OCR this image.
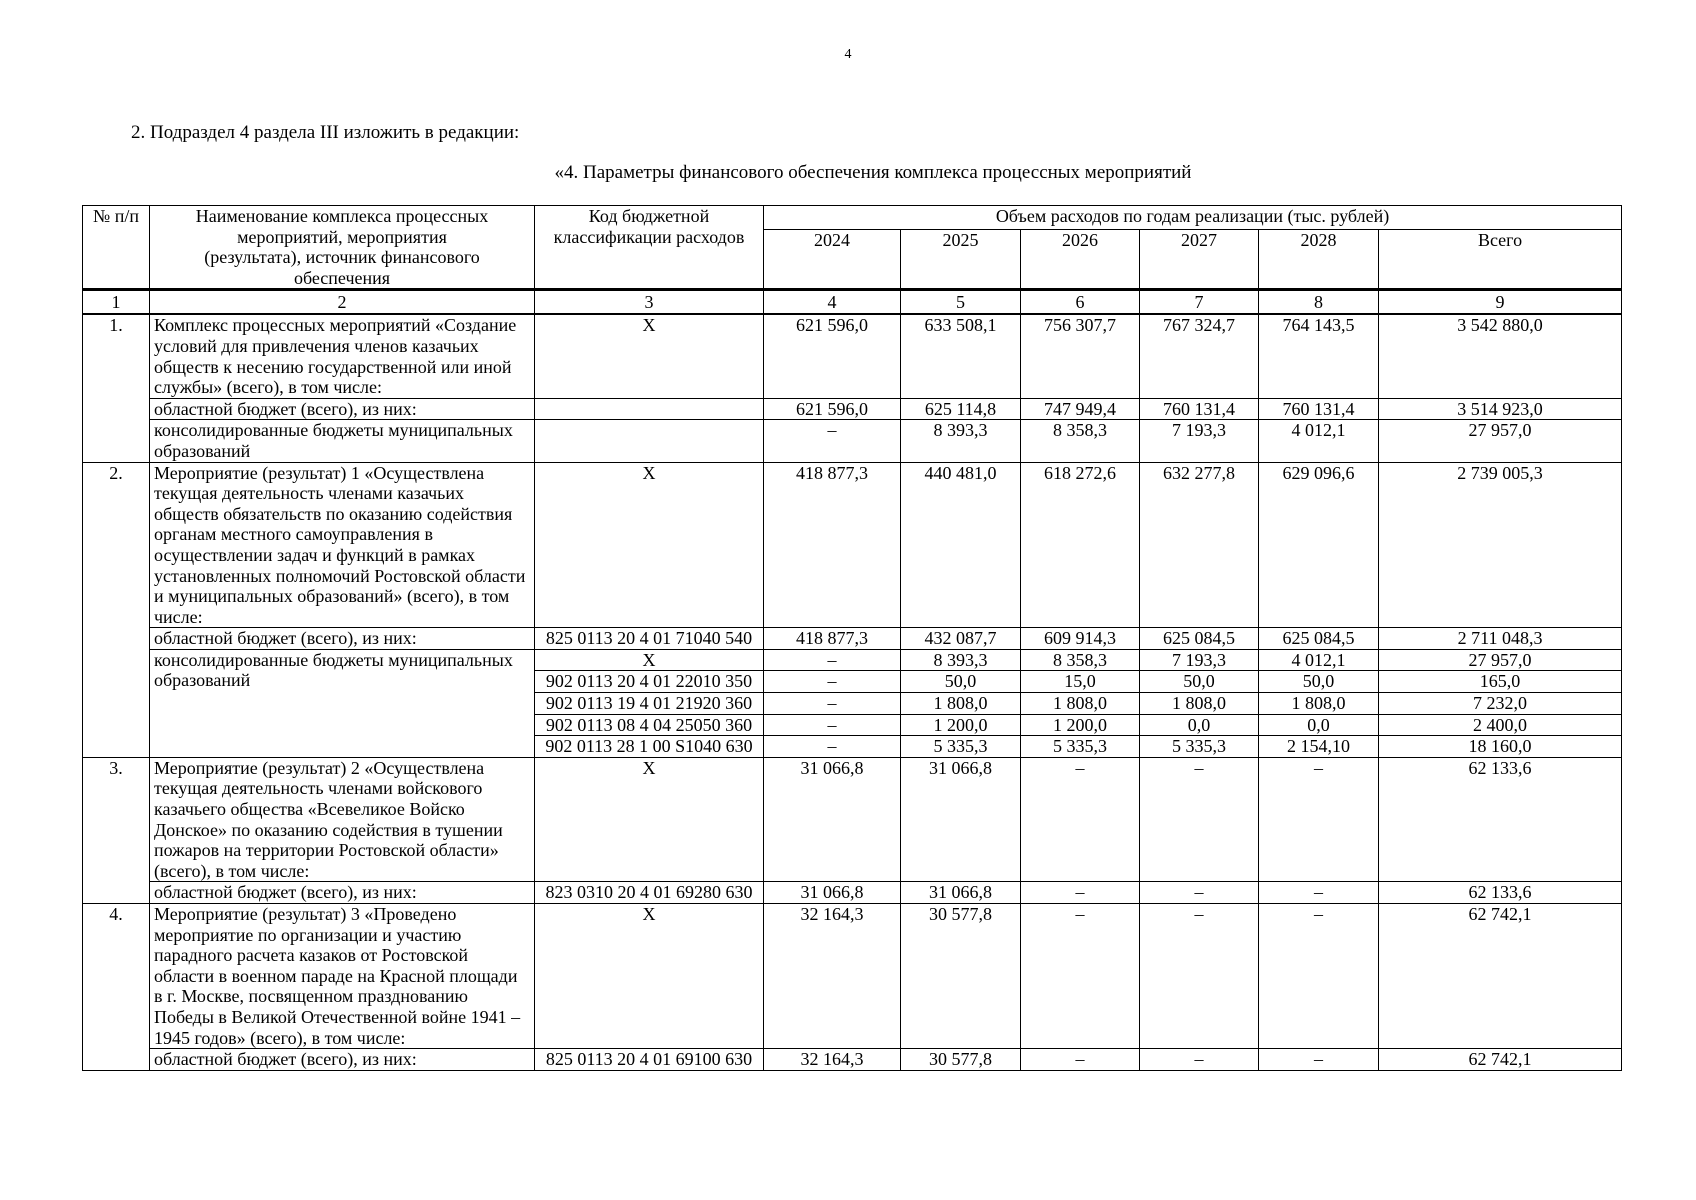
4
2. Подраздел 4 раздела III изложить в редакции:
«4. Параметры финансового обеспечения комплекса процессных мероприятий
№ п/п	Наименование комплекса процессных мероприятий, мероприятия (результата), источник финансового обеспечения	Код бюджетной классификации расходов	Объем расходов по годам реализации (тыс. рублей)					
			2024	2025	2026	2027	2028	Всего
1	2	3	4	5	6	7	8	9
1.	Комплекс процессных мероприятий «Создание условий для привлечения членов казачьих обществ к несению государственной или иной службы» (всего), в том числе:	X	621 596,0	633 508,1	756 307,7	767 324,7	764 143,5	3 542 880,0
	областной бюджет (всего), из них:		621 596,0	625 114,8	747 949,4	760 131,4	760 131,4	3 514 923,0
	консолидированные бюджеты муниципальных образований		–	8 393,3	8 358,3	7 193,3	4 012,1	27 957,0
2.	Мероприятие (результат) 1 «Осуществлена текущая деятельность членами казачьих обществ обязательств по оказанию содействия органам местного самоуправления в осуществлении задач и функций в рамках установленных полномочий Ростовской области и муниципальных образований» (всего), в том числе:	X	418 877,3	440 481,0	618 272,6	632 277,8	629 096,6	2 739 005,3
	областной бюджет (всего), из них:	825 0113 20 4 01 71040 540	418 877,3	432 087,7	609 914,3	625 084,5	625 084,5	2 711 048,3
	консолидированные бюджеты муниципальных образований	X	–	8 393,3	8 358,3	7 193,3	4 012,1	27 957,0
		902 0113 20 4 01 22010 350	–	50,0	15,0	50,0	50,0	165,0
		902 0113 19 4 01 21920 360	–	1 808,0	1 808,0	1 808,0	1 808,0	7 232,0
		902 0113 08 4 04 25050 360	–	1 200,0	1 200,0	0,0	0,0	2 400,0
		902 0113 28 1 00 S1040 630	–	5 335,3	5 335,3	5 335,3	2 154,10	18 160,0
3.	Мероприятие (результат) 2 «Осуществлена текущая деятельность членами войскового казачьего общества «Всевеликое Войско Донское» по оказанию содействия в тушении пожаров на территории Ростовской области» (всего), в том числе:	X	31 066,8	31 066,8	–	–	–	62 133,6
	областной бюджет (всего), из них:	823 0310 20 4 01 69280 630	31 066,8	31 066,8	–	–	–	62 133,6
4.	Мероприятие (результат) 3 «Проведено мероприятие по организации и участию парадного расчета казаков от Ростовской области в военном параде на Красной площади в г. Москве, посвященном празднованию Победы в Великой Отечественной войне 1941 – 1945 годов» (всего), в том числе:	X	32 164,3	30 577,8	–	–	–	62 742,1
	областной бюджет (всего), из них:	825 0113 20 4 01 69100 630	32 164,3	30 577,8	–	–	–	62 742,1
